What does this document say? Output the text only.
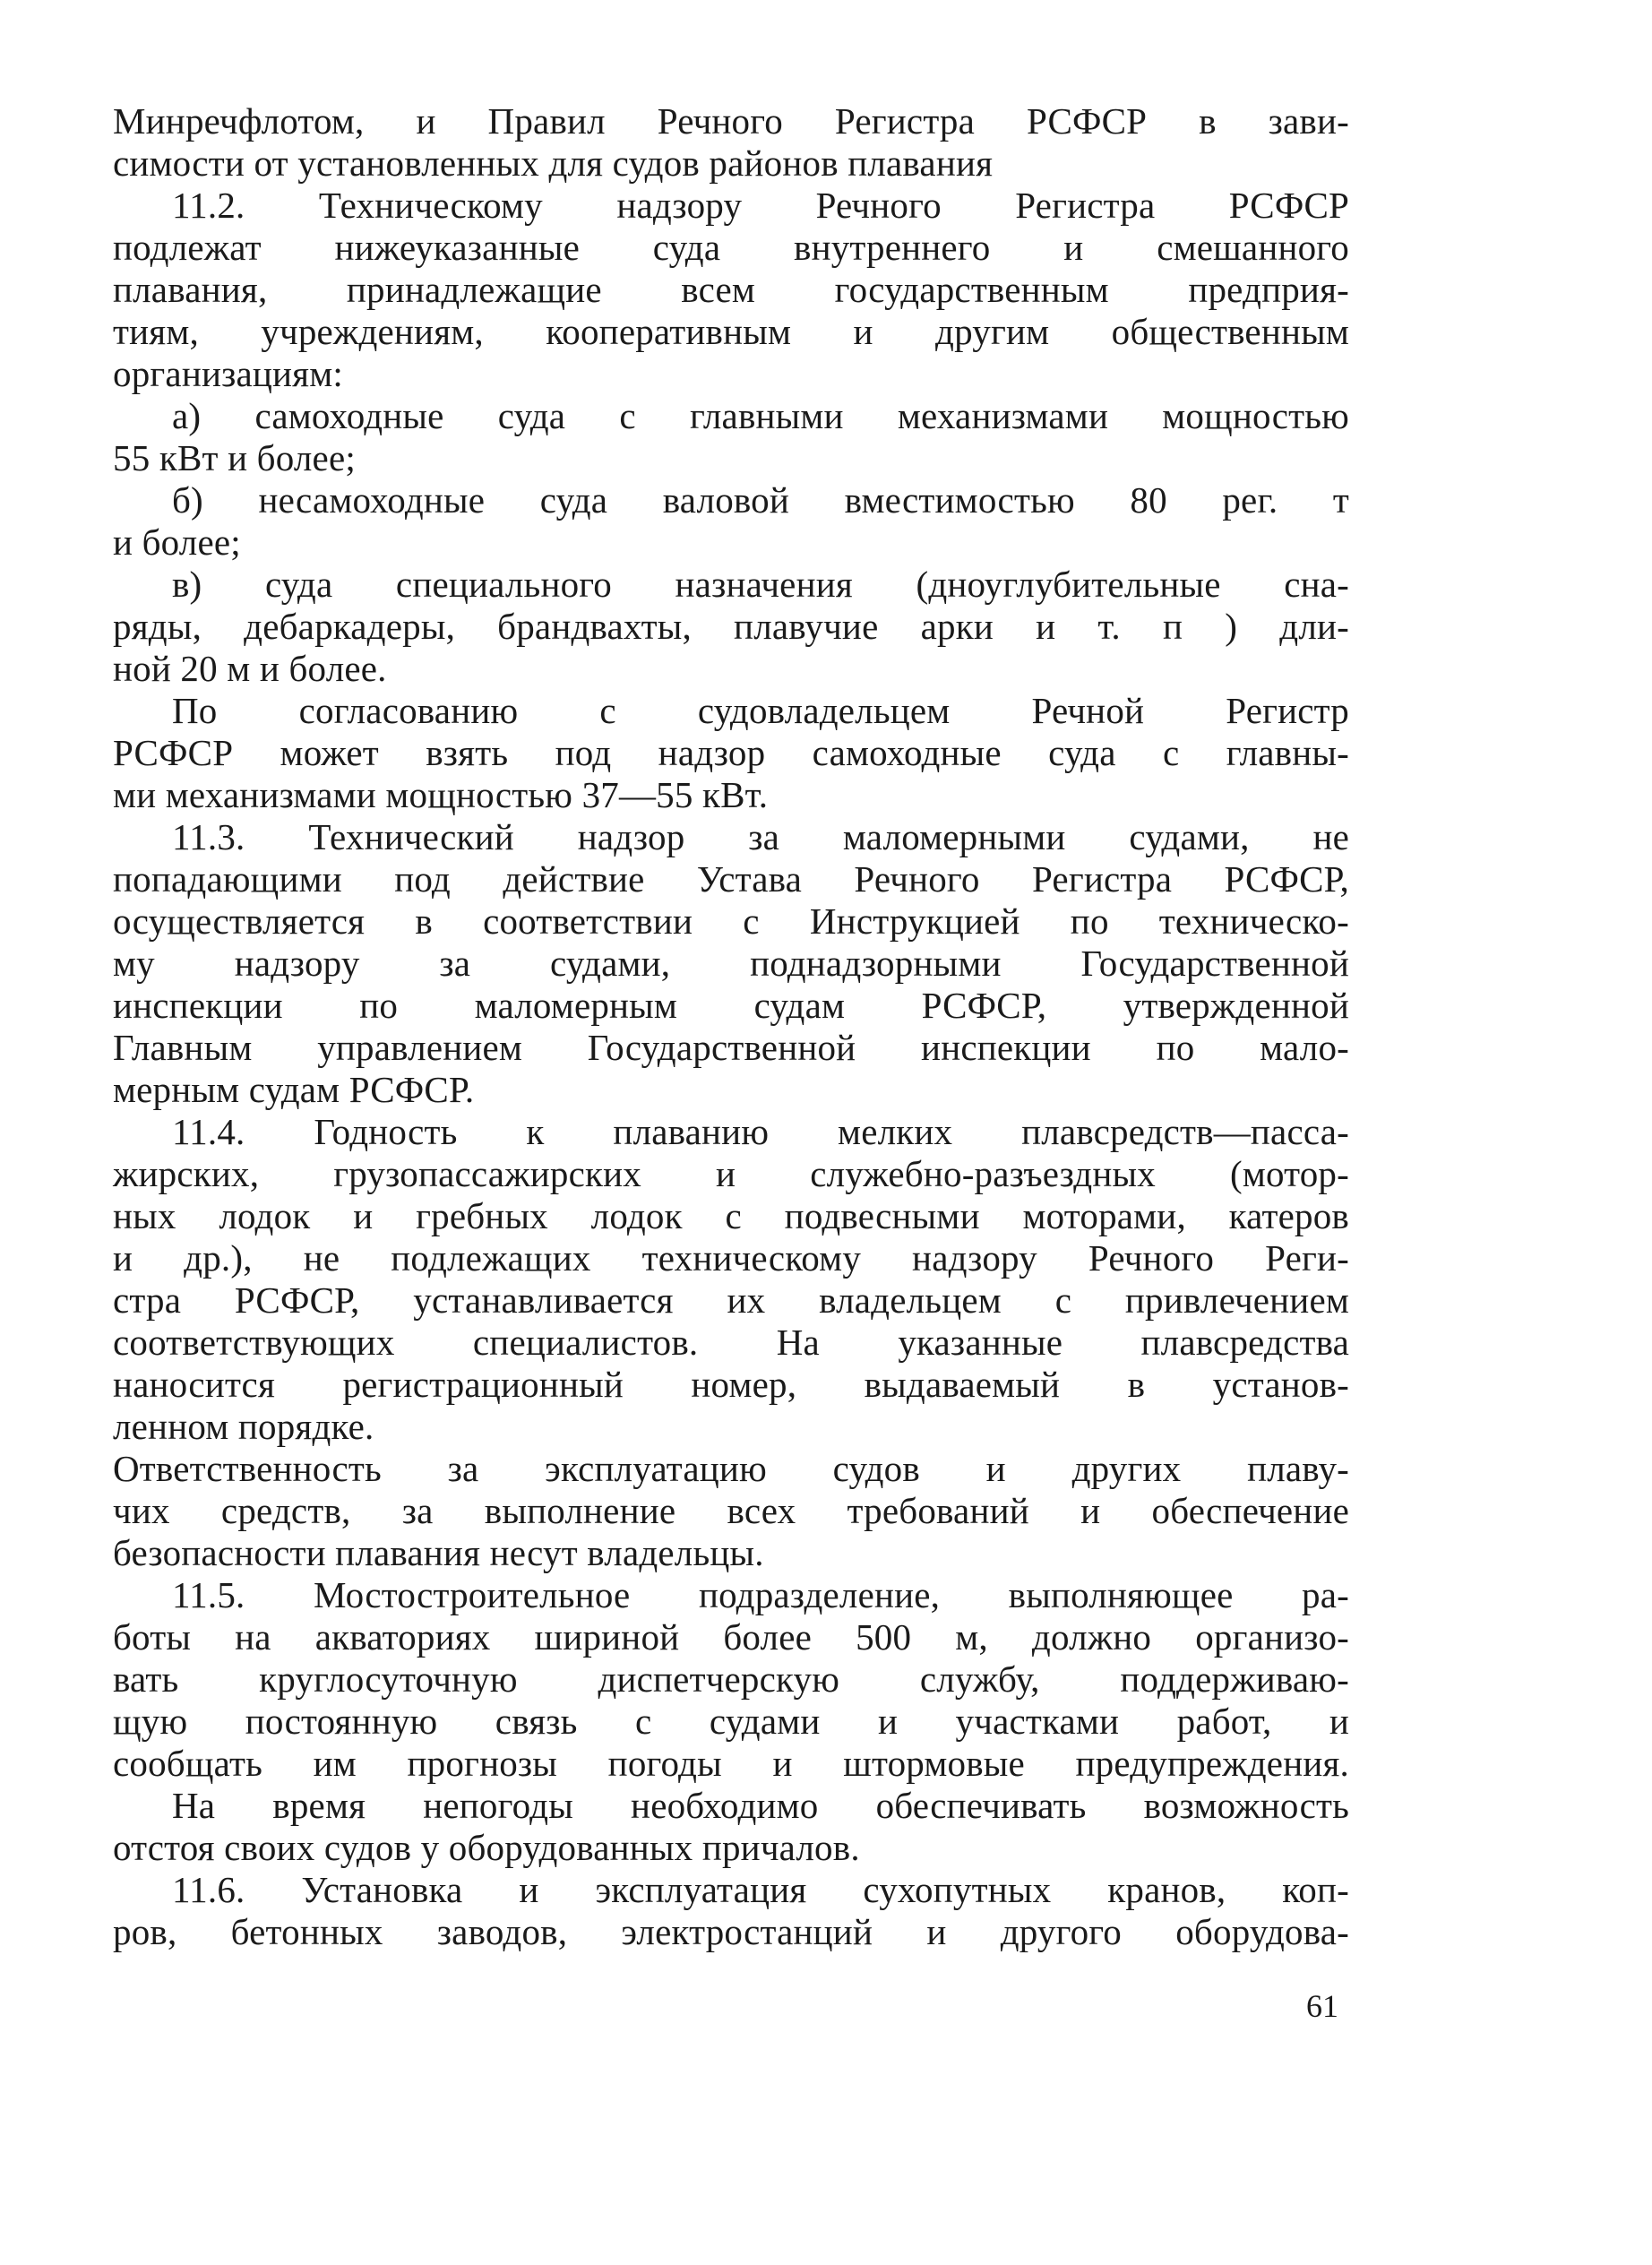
Минречфлотом, и Правил Речного Регистра РСФСР в зави-
симости от установленных для судов районов плавания
11.2. Техническому надзору Речного Регистра РСФСР
подлежат нижеуказанные суда внутреннего и смешанного
плавания, принадлежащие всем государственным предприя-
тиям, учреждениям, кооперативным и другим общественным
организациям:
а) самоходные суда с главными механизмами мощностью
55 кВт и более;
б) несамоходные суда валовой вместимостью 80 рег. т
и более;
в) суда специального назначения (дноуглубительные сна-
ряды, дебаркадеры, брандвахты, плавучие арки и т. п ) дли-
ной 20 м и более.
По согласованию с судовладельцем Речной Регистр
РСФСР может взять под надзор самоходные суда с главны-
ми механизмами мощностью 37—55 кВт.
11.3. Технический надзор за маломерными судами, не
попадающими под действие Устава Речного Регистра РСФСР,
осуществляется в соответствии с Инструкцией по техническо-
му надзору за судами, поднадзорными Государственной
инспекции по маломерным судам РСФСР, утвержденной
Главным управлением Государственной инспекции по мало-
мерным судам РСФСР.
11.4. Годность к плаванию мелких плавсредств—пасса-
жирских, грузопассажирских и служебно-разъездных (мотор-
ных лодок и гребных лодок с подвесными моторами, катеров
и др.), не подлежащих техническому надзору Речного Реги-
стра РСФСР, устанавливается их владельцем с привлечением
соответствующих специалистов. На указанные плавсредства
наносится регистрационный номер, выдаваемый в установ-
ленном порядке.
Ответственность за эксплуатацию судов и других плаву-
чих средств, за выполнение всех требований и обеспечение
безопасности плавания несут владельцы.
11.5. Мостостроительное подразделение, выполняющее ра-
боты на акваториях шириной более 500 м, должно организо-
вать круглосуточную диспетчерскую службу, поддерживаю-
щую постоянную связь с судами и участками работ, и
сообщать им прогнозы погоды и штормовые предупреждения.
На время непогоды необходимо обеспечивать возможность
отстоя своих судов у оборудованных причалов.
11.6. Установка и эксплуатация сухопутных кранов, коп-
ров, бетонных заводов, электростанций и другого оборудова-
61
